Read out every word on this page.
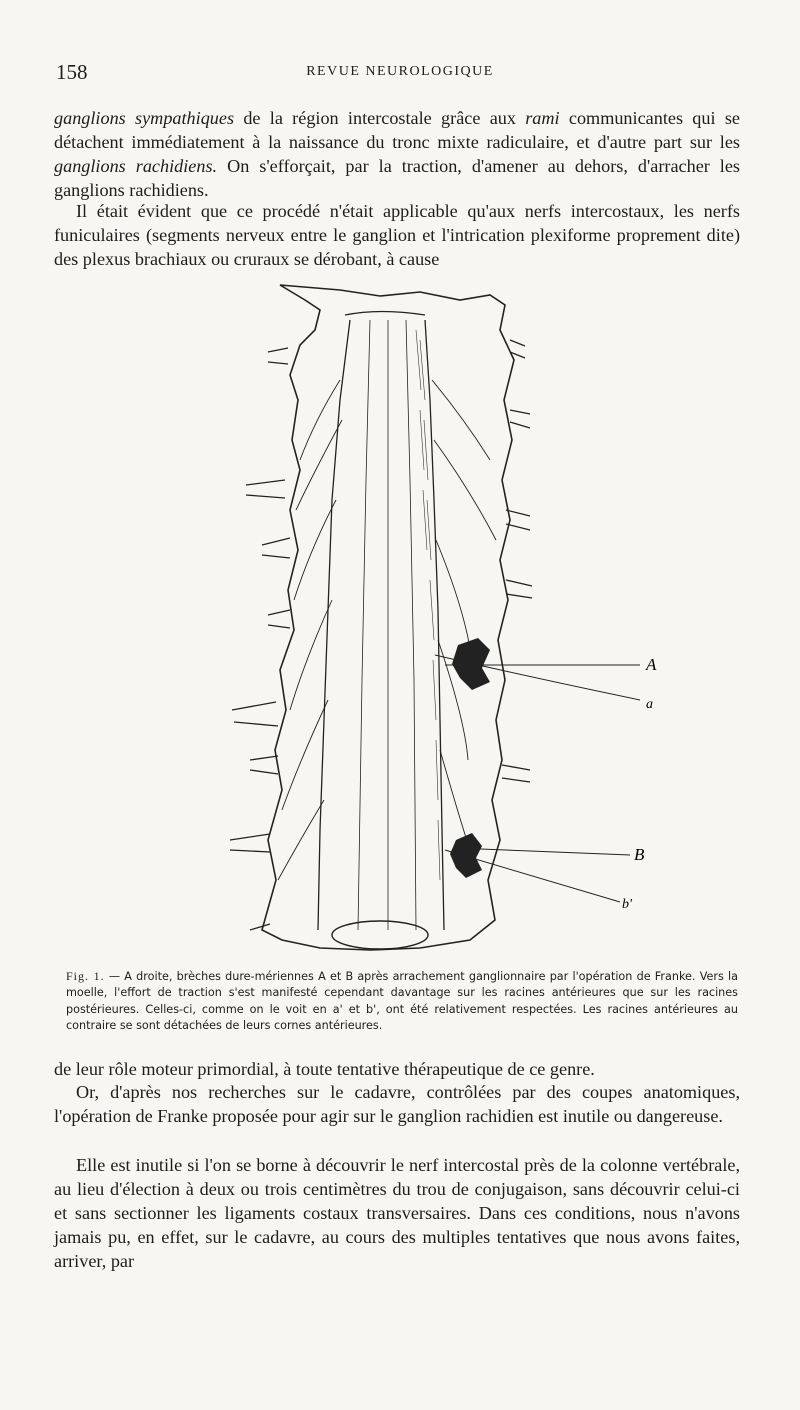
158	REVUE NEUROLOGIQUE

ganglions sympathiques de la région intercostale grâce aux rami communicantes qui se détachent immédiatement à la naissance du tronc mixte radiculaire, et d'autre part sur les ganglions rachidiens. On s'efforçait, par la traction, d'amener au dehors, d'arracher les ganglions rachidiens.

Il était évident que ce procédé n'était applicable qu'aux nerfs intercostaux, les nerfs funiculaires (segments nerveux entre le ganglion et l'intrication plexiforme proprement dite) des plexus brachiaux ou cruraux se dérobant, à cause

A
a
B
b'

Fig. 1. — A droite, brèches dure-mériennes A et B après arrachement ganglionnaire par l'opération de Franke. Vers la moelle, l'effort de traction s'est manifesté cependant davantage sur les racines antérieures que sur les racines postérieures. Celles-ci, comme on le voit en a' et b', ont été relativement respectées. Les racines antérieures au contraire se sont détachées de leurs cornes antérieures.

de leur rôle moteur primordial, à toute tentative thérapeutique de ce genre.

Or, d'après nos recherches sur le cadavre, contrôlées par des coupes anatomiques, l'opération de Franke proposée pour agir sur le ganglion rachidien est inutile ou dangereuse.

Elle est inutile si l'on se borne à découvrir le nerf intercostal près de la colonne vertébrale, au lieu d'élection à deux ou trois centimètres du trou de conjugaison, sans découvrir celui-ci et sans sectionner les ligaments costaux transversaires. Dans ces conditions, nous n'avons jamais pu, en effet, sur le cadavre, au cours des multiples tentatives que nous avons faites, arriver, par
